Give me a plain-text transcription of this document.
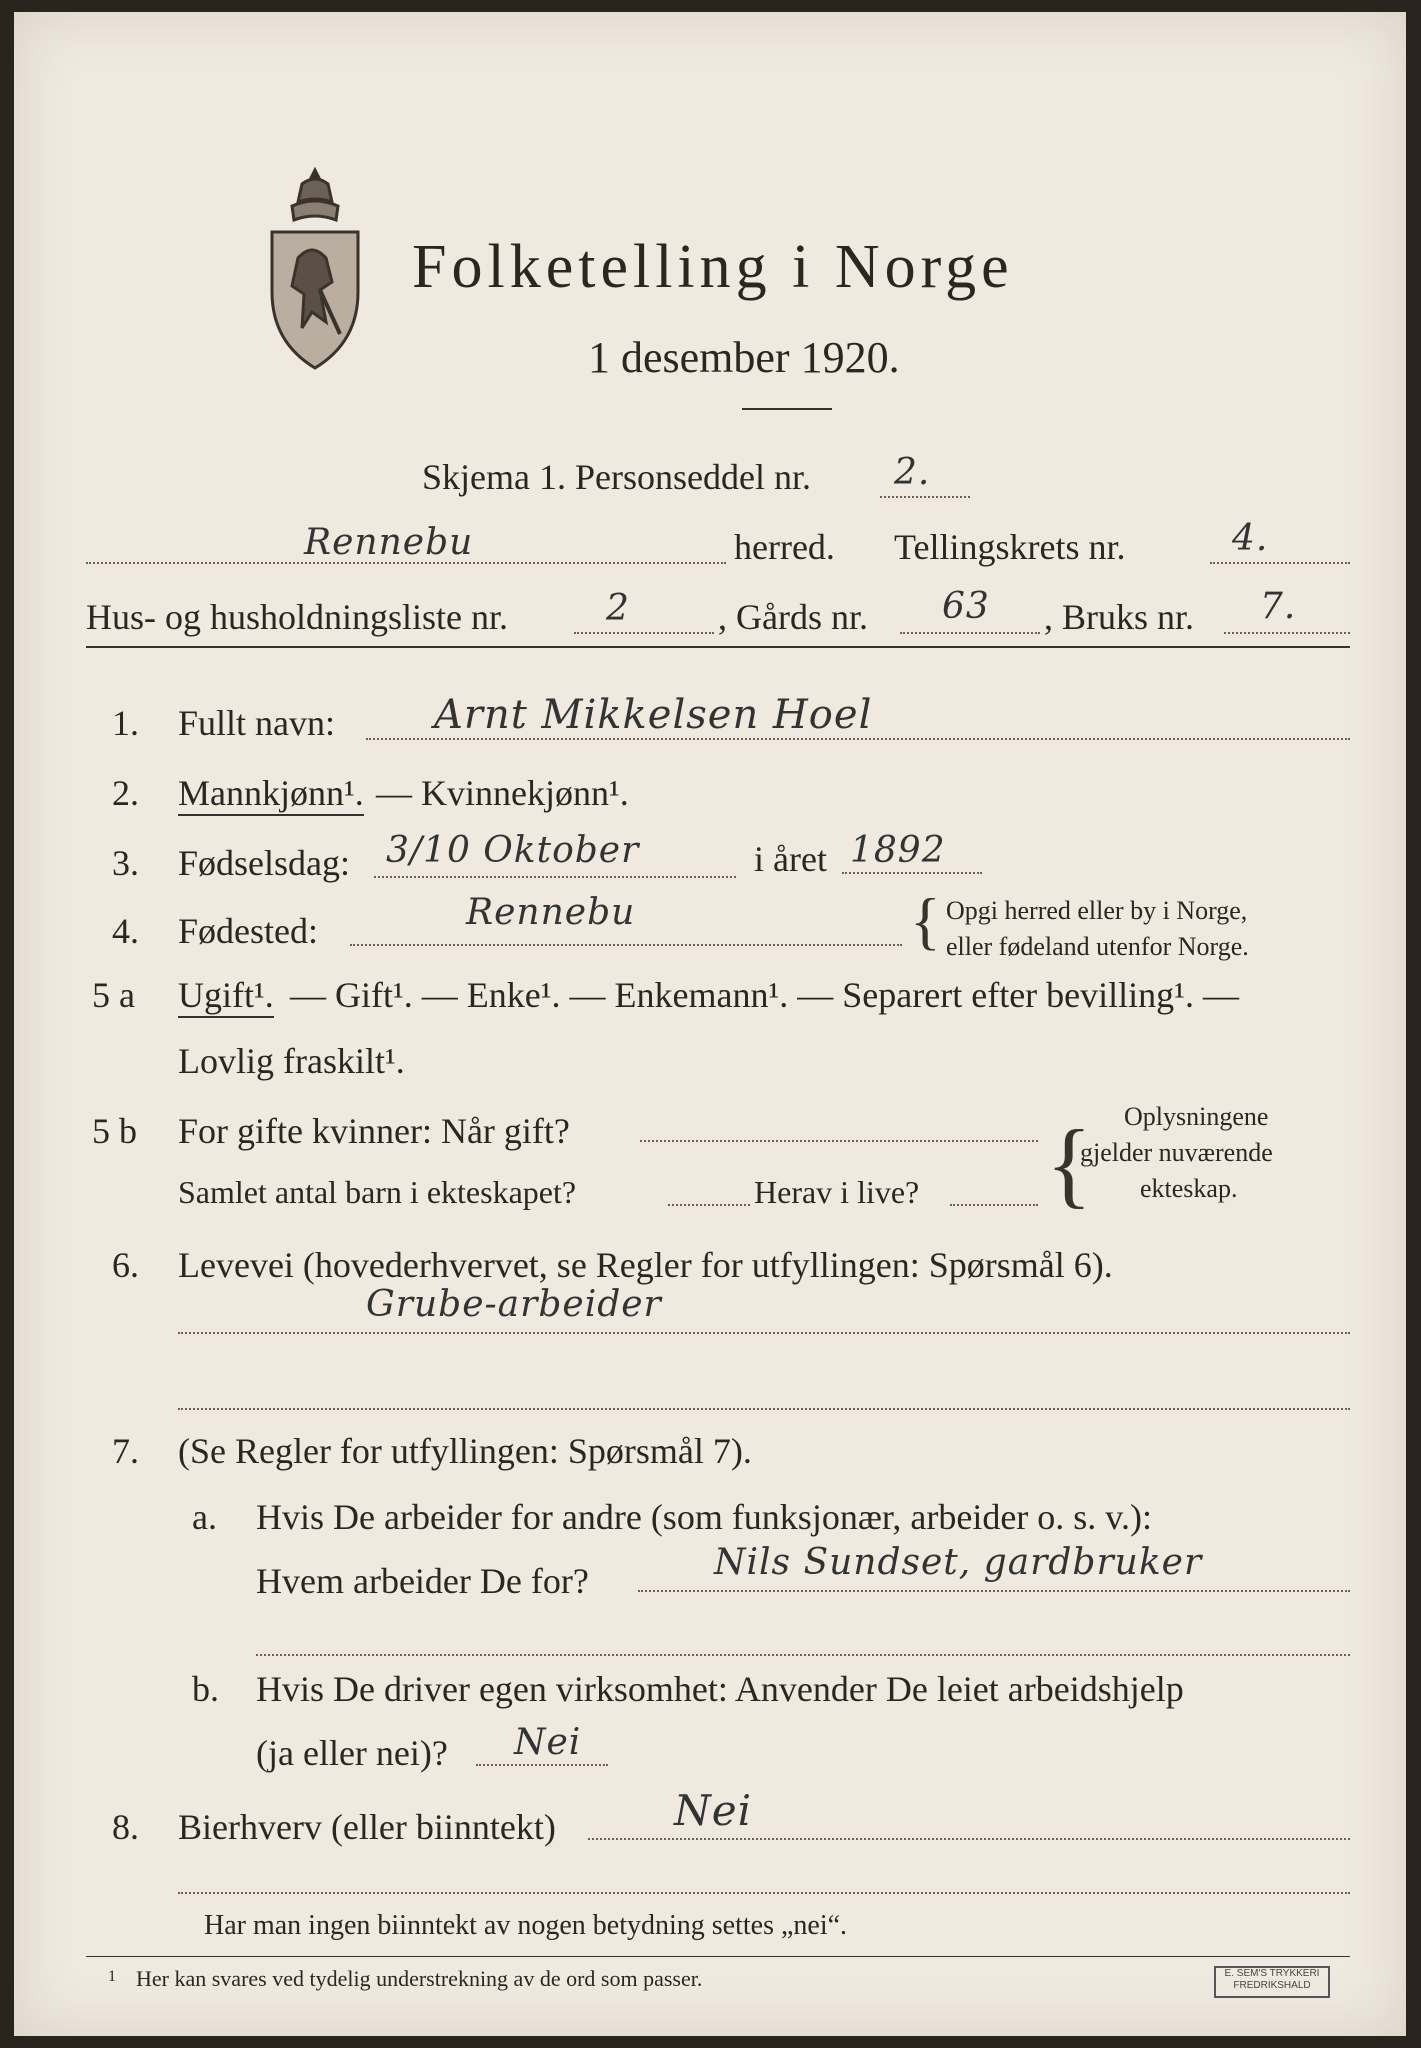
Folketelling i Norge
1 desember 1920.
Skjema 1. Personseddel nr. 2.
Rennebu	herred. Tellingskrets nr.	4.
Hus- og husholdningsliste nr.	2 , Gårds nr. 63 , Bruks nr. 7.
1. Fullt navn: Arnt Mikkelsen Hoel
2. Mannkjønn¹. — Kvinnekjønn¹.
3. Fødselsdag: 3/10 Oktober	i året 1892
4. Fødested:	Rennebu	{ Opgi herred eller by i Norge,
eller fødeland utenfor Norge.
5 a Ugift¹. — Gift¹. — Enke¹. — Enkemann¹. — Separert efter bevilling¹. —
Lovlig fraskilt¹.
5 b For gifte kvinner: Når gift?
Samlet antal barn i ekteskapet?	Herav i live? { Oplysningene
gjelder nuværende
ekteskap.
6. Levevei (hovederhvervet, se Regler for utfyllingen: Spørsmål 6).
Grube-arbeider
7. (Se Regler for utfyllingen: Spørsmål 7).
a. Hvis De arbeider for andre (som funksjonær, arbeider o. s. v.):
Hvem arbeider De for?	Nils Sundset, gardbruker
b. Hvis De driver egen virksomhet: Anvender De leiet arbeidshjelp
(ja eller nei)? Nei
8. Bierhverv (eller biinntekt)	Nei
Har man ingen biinntekt av nogen betydning settes „nei“.
1 Her kan svares ved tydelig understrekning av de ord som passer.	E. SEM'S TRYKKERI FREDRIKSHALD
